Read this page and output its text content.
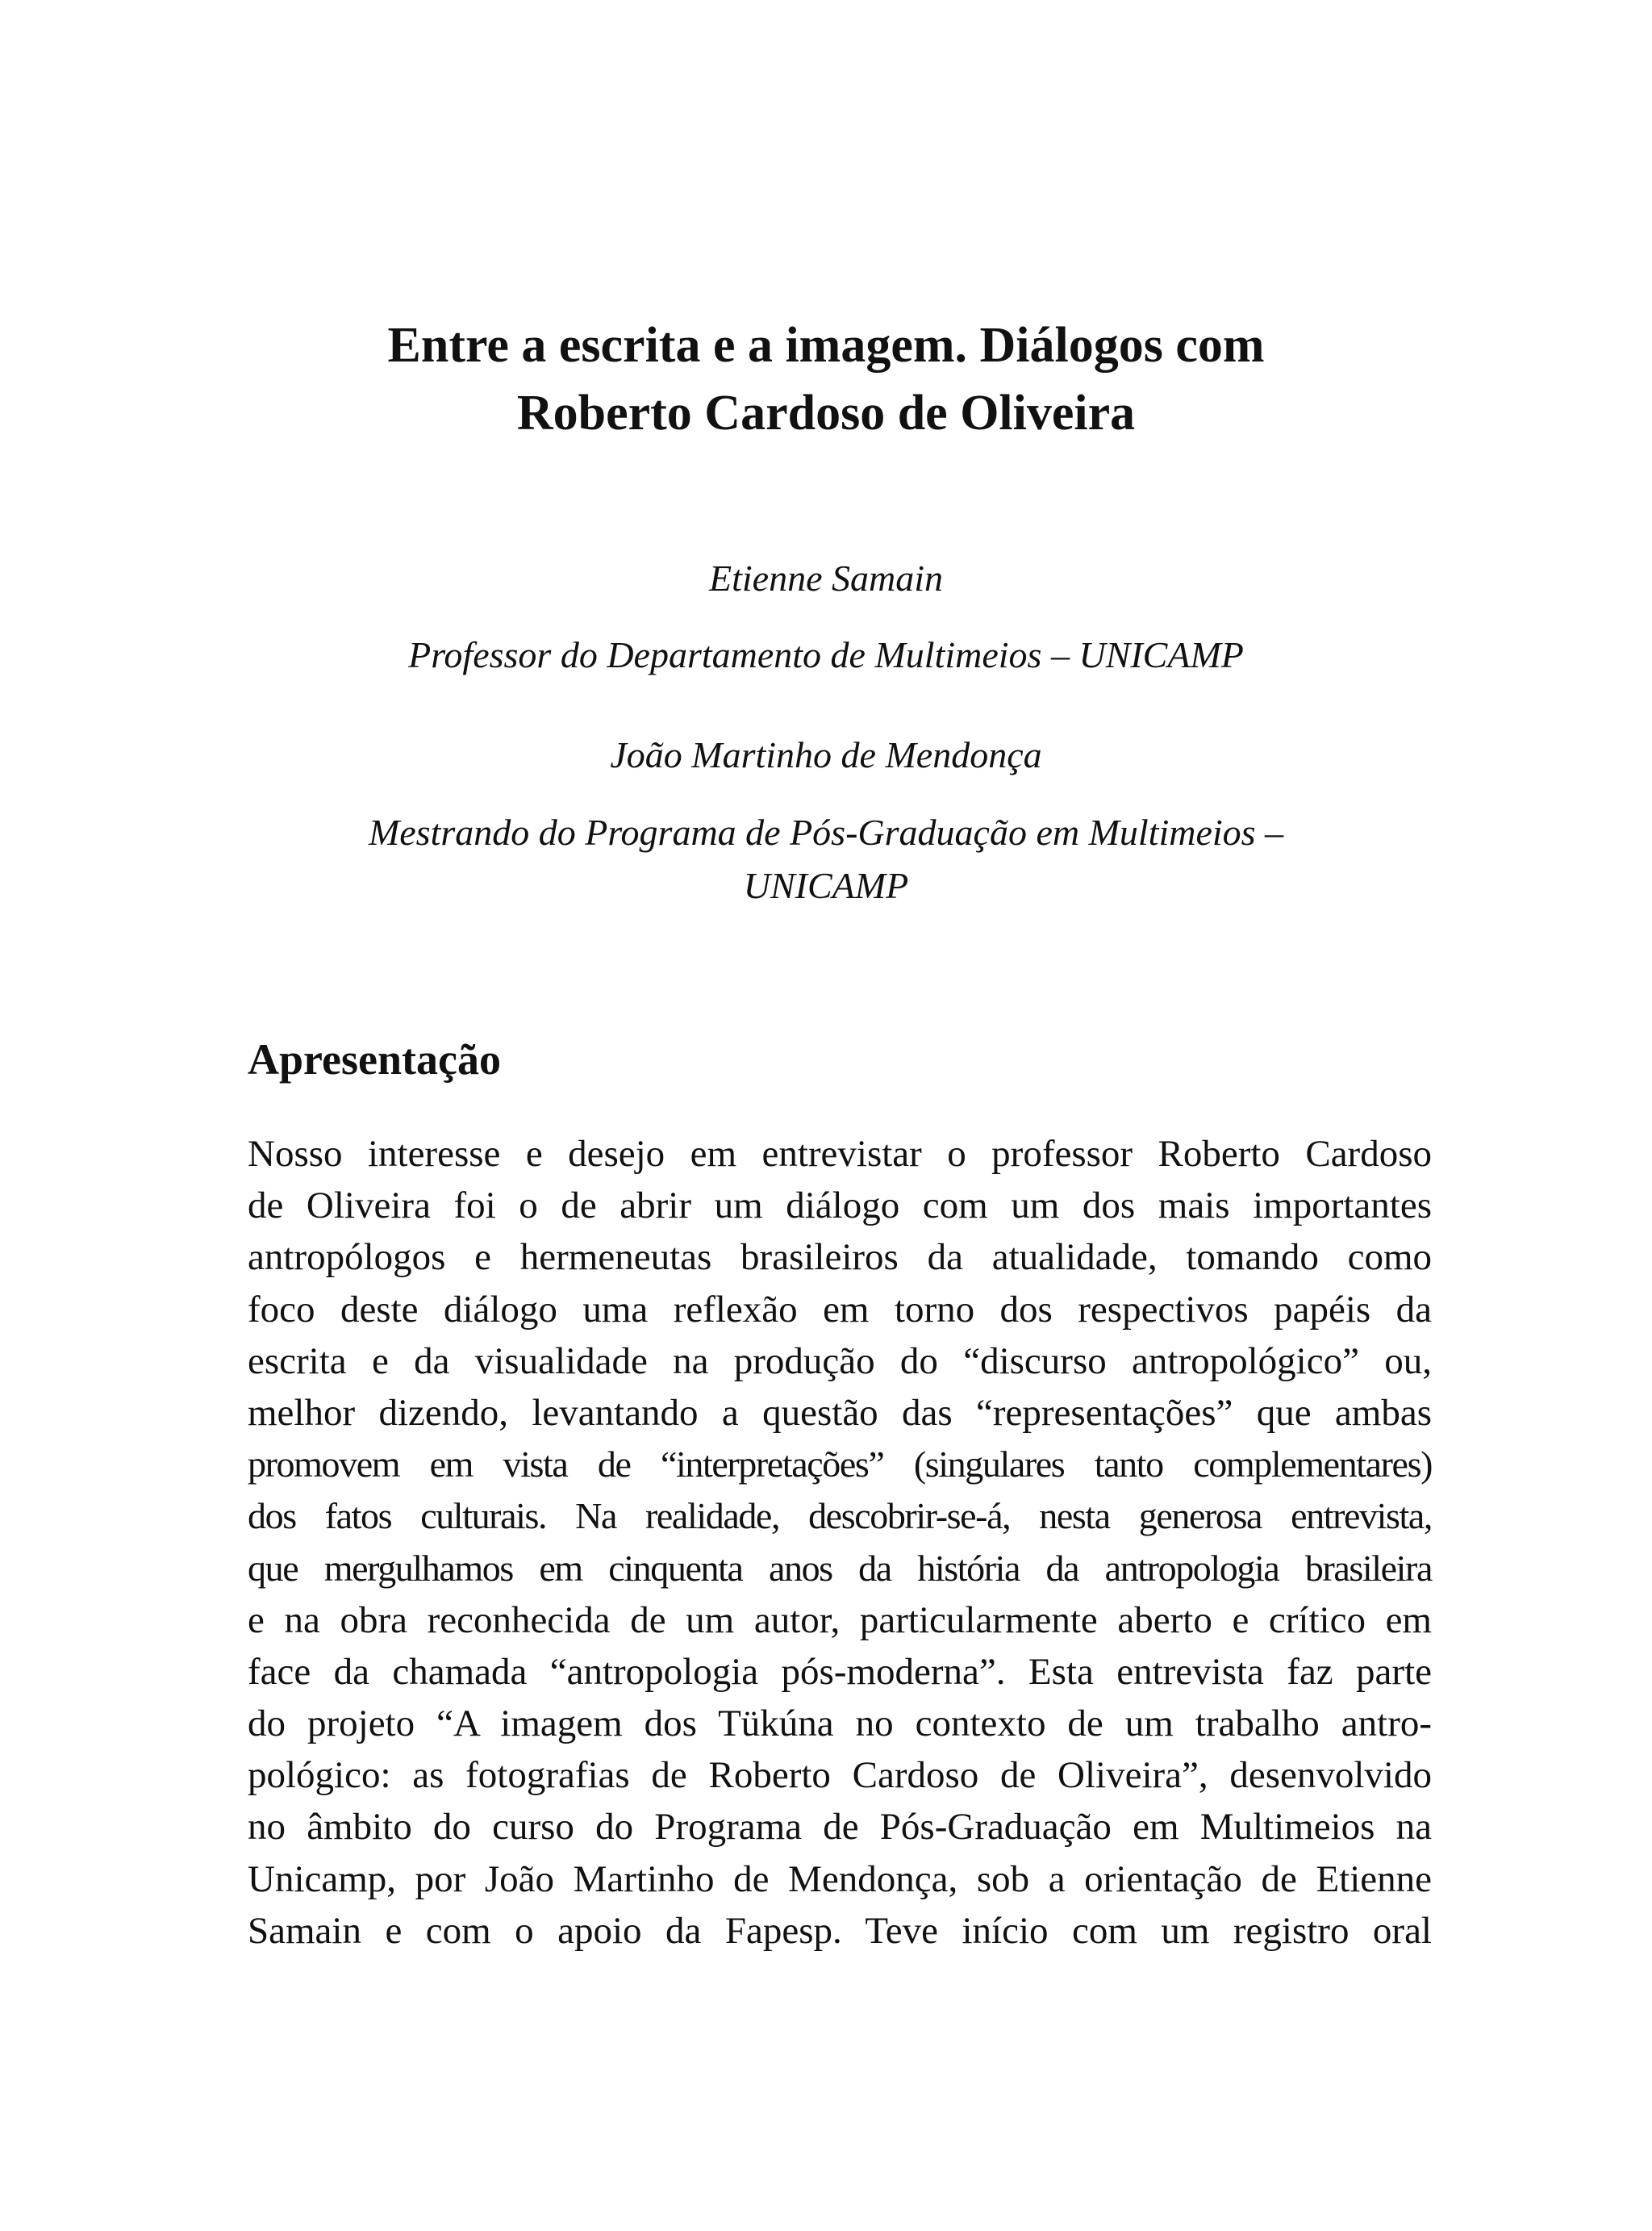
Entre a escrita e a imagem. Diálogos com
Roberto Cardoso de Oliveira

Etienne Samain

Professor do Departamento de Multimeios – UNICAMP

João Martinho de Mendonça

Mestrando do Programa de Pós-Graduação em Multimeios –

UNICAMP

Apresentação
Nosso interesse e desejo em entrevistar o professor Roberto Cardoso
de Oliveira foi o de abrir um diálogo com um dos mais importantes
antropólogos e hermeneutas brasileiros da atualidade, tomando como
foco deste diálogo uma reflexão em torno dos respectivos papéis da
escrita e da visualidade na produção do “discurso antropológico” ou,
melhor dizendo, levantando a questão das “representações” que ambas
promovem em vista de “interpretações” (singulares tanto complementares)
dos fatos culturais. Na realidade, descobrir-se-á, nesta generosa entrevista,
que mergulhamos em cinquenta anos da história da antropologia brasileira
e na obra reconhecida de um autor, particularmente aberto e crítico em
face da chamada “antropologia pós-moderna”. Esta entrevista faz parte
do projeto “A imagem dos Tükúna no contexto de um trabalho antro-
pológico: as fotografias de Roberto Cardoso de Oliveira”, desenvolvido
no âmbito do curso do Programa de Pós-Graduação em Multimeios na
Unicamp, por João Martinho de Mendonça, sob a orientação de Etienne
Samain e com o apoio da Fapesp. Teve início com um registro oral
